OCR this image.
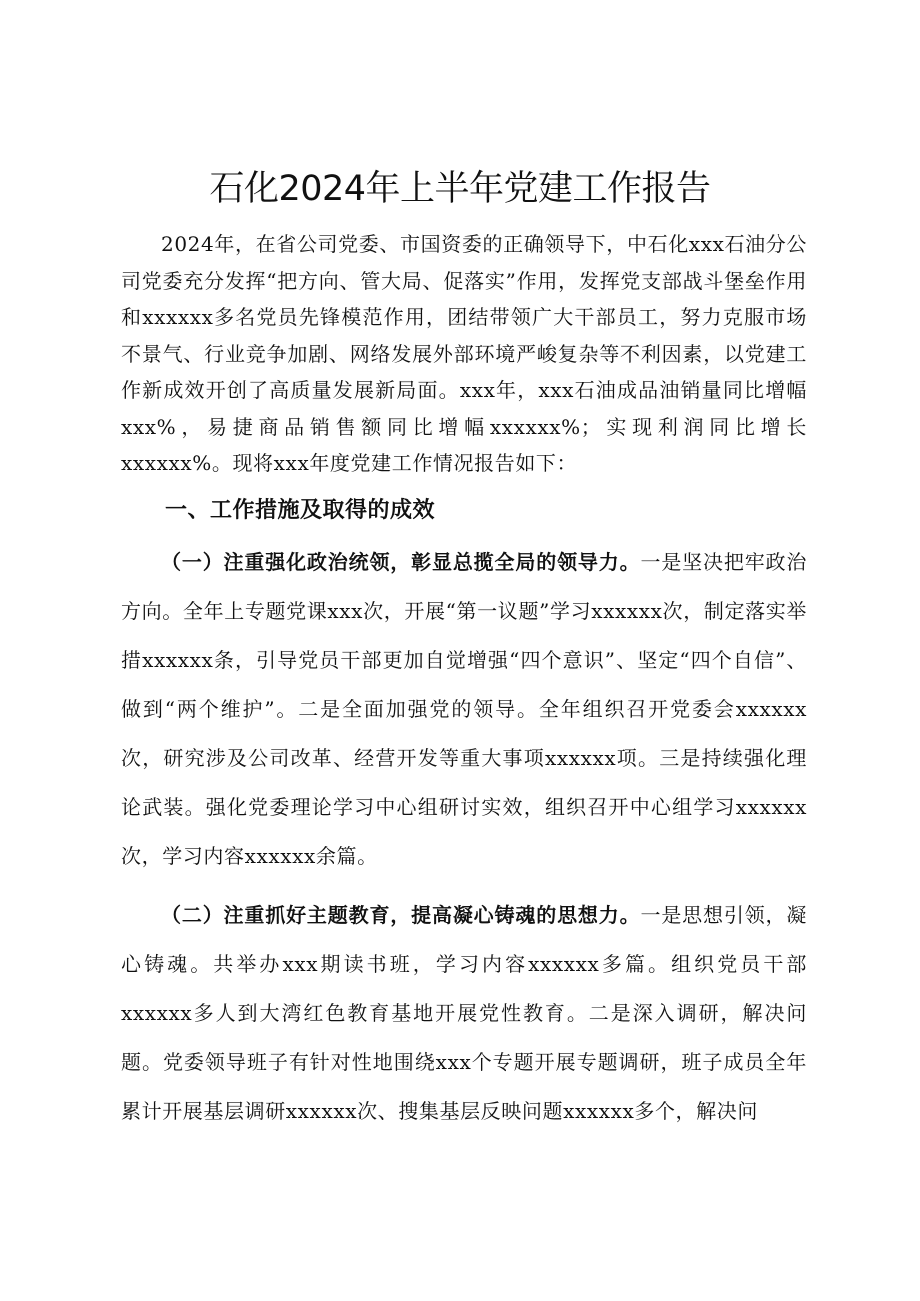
石化2024年上半年党建工作报告

2024年，在省公司党委、市国资委的正确领导下，中石化xxx石油分公司党委充分发挥“把方向、管大局、促落实”作用，发挥党支部战斗堡垒作用和xxxxxx多名党员先锋模范作用，团结带领广大干部员工，努力克服市场不景气、行业竞争加剧、网络发展外部环境严峻复杂等不利因素，以党建工作新成效开创了高质量发展新局面。xxx年，xxx石油成品油销量同比增幅xxx%，易捷商品销售额同比增幅xxxxxx%；实现利润同比增长xxxxxx%。现将xxx年度党建工作情况报告如下：

一、工作措施及取得的成效

（一）注重强化政治统领，彰显总揽全局的领导力。一是坚决把牢政治方向。全年上专题党课xxx次，开展“第一议题”学习xxxxxx次，制定落实举措xxxxxx条，引导党员干部更加自觉增强“四个意识”、坚定“四个自信”、做到“两个维护”。二是全面加强党的领导。全年组织召开党委会xxxxxx次，研究涉及公司改革、经营开发等重大事项xxxxxx项。三是持续强化理论武装。强化党委理论学习中心组研讨实效，组织召开中心组学习xxxxxx次，学习内容xxxxxx余篇。

（二）注重抓好主题教育，提高凝心铸魂的思想力。一是思想引领，凝心铸魂。共举办xxx期读书班，学习内容xxxxxx多篇。组织党员干部xxxxxx多人到大湾红色教育基地开展党性教育。二是深入调研，解决问题。党委领导班子有针对性地围绕xxx个专题开展专题调研，班子成员全年累计开展基层调研xxxxxx次、搜集基层反映问题xxxxxx多个，解决问
